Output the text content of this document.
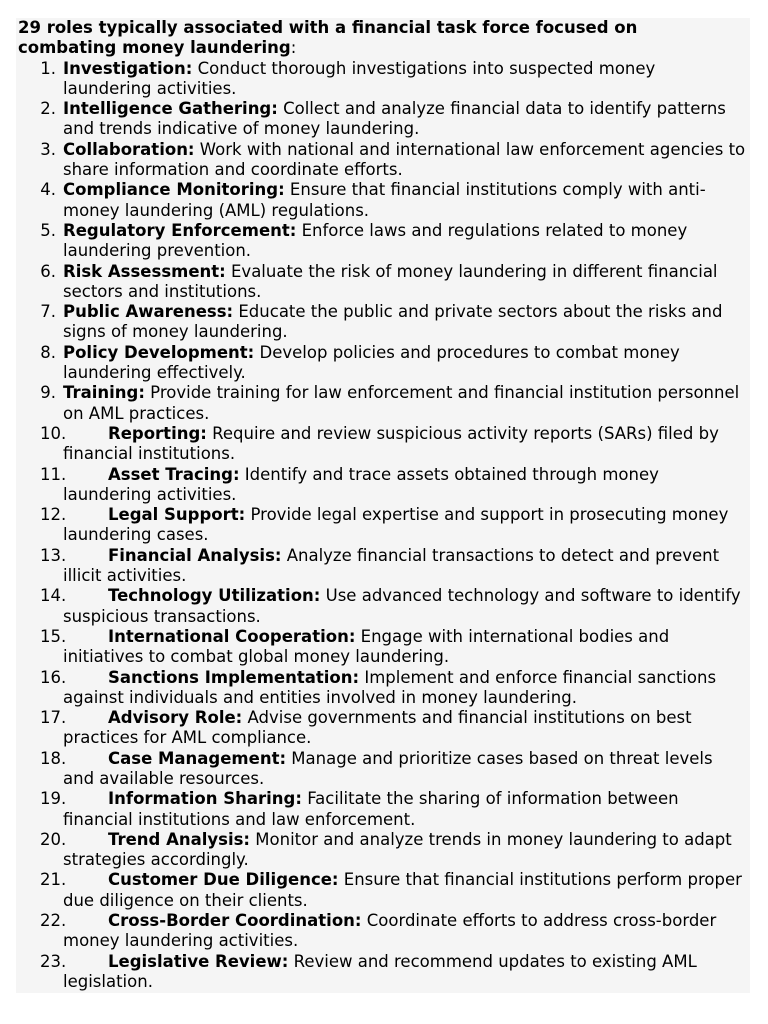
29 roles typically associated with a financial task force focused on combating money laundering:
1. Investigation: Conduct thorough investigations into suspected money laundering activities.
2. Intelligence Gathering: Collect and analyze financial data to identify patterns and trends indicative of money laundering.
3. Collaboration: Work with national and international law enforcement agencies to share information and coordinate efforts.
4. Compliance Monitoring: Ensure that financial institutions comply with anti-money laundering (AML) regulations.
5. Regulatory Enforcement: Enforce laws and regulations related to money laundering prevention.
6. Risk Assessment: Evaluate the risk of money laundering in different financial sectors and institutions.
7. Public Awareness: Educate the public and private sectors about the risks and signs of money laundering.
8. Policy Development: Develop policies and procedures to combat money laundering effectively.
9. Training: Provide training for law enforcement and financial institution personnel on AML practices.
10.	Reporting: Require and review suspicious activity reports (SARs) filed by financial institutions.
11.	Asset Tracing: Identify and trace assets obtained through money laundering activities.
12.	Legal Support: Provide legal expertise and support in prosecuting money laundering cases.
13.	Financial Analysis: Analyze financial transactions to detect and prevent illicit activities.
14.	Technology Utilization: Use advanced technology and software to identify suspicious transactions.
15.	International Cooperation: Engage with international bodies and initiatives to combat global money laundering.
16.	Sanctions Implementation: Implement and enforce financial sanctions against individuals and entities involved in money laundering.
17.	Advisory Role: Advise governments and financial institutions on best practices for AML compliance.
18.	Case Management: Manage and prioritize cases based on threat levels and available resources.
19.	Information Sharing: Facilitate the sharing of information between financial institutions and law enforcement.
20.	Trend Analysis: Monitor and analyze trends in money laundering to adapt strategies accordingly.
21.	Customer Due Diligence: Ensure that financial institutions perform proper due diligence on their clients.
22.	Cross-Border Coordination: Coordinate efforts to address cross-border money laundering activities.
23.	Legislative Review: Review and recommend updates to existing AML legislation.
